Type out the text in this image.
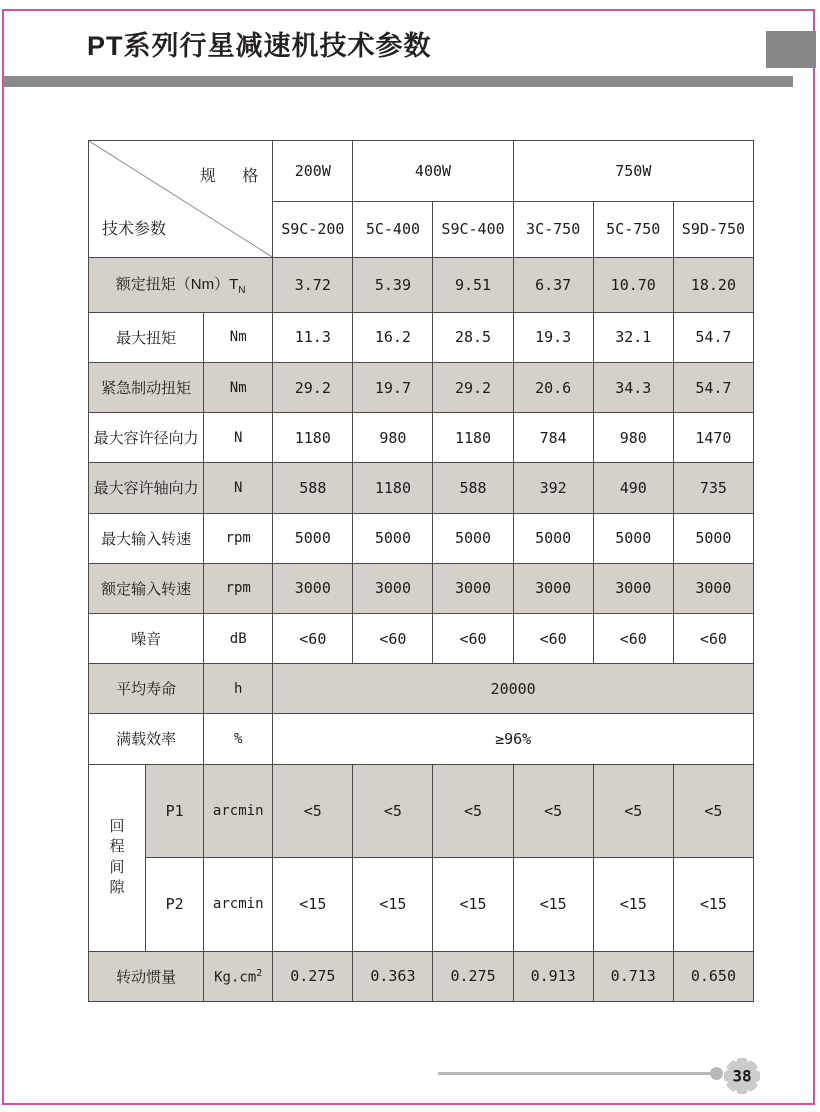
PT系列行星减速机技术参数
规 格
技术参数			200W	400W		750W		
			S9C-200	5C-400	S9C-400	3C-750	5C-750	S9D-750
额定扭矩$(Nm)T_N$			3.72	5.39	9.51	6.37	10.70	18.20
最大扭矩		Nm	11.3	16.2	28.5	19.3	32.1	54.7
紧急制动扭矩		Nm	29.2	19.7	29.2	20.6	34.3	54.7
最大容许径向力		N	1180	980	1180	784	980	1470
最大容许轴向力		N	588	1180	588	392	490	735
最大输入转速		rpm	5000	5000	5000	5000	5000	5000
额定输入转速		rpm	3000	3000	3000	3000	3000	3000
噪音		dB	<60	<60	<60	<60	<60	<60
平均寿命		h	20000					
满载效率		%	≥96%					
回程间隙	P1	arcmin	<5	<5	<5	<5	<5	<5
	P2	arcmin	<15	<15	<15	<15	<15	<15
转动惯量		$Kg.cm^2$	0.275	0.363	0.275	0.913	0.713	0.650
38
